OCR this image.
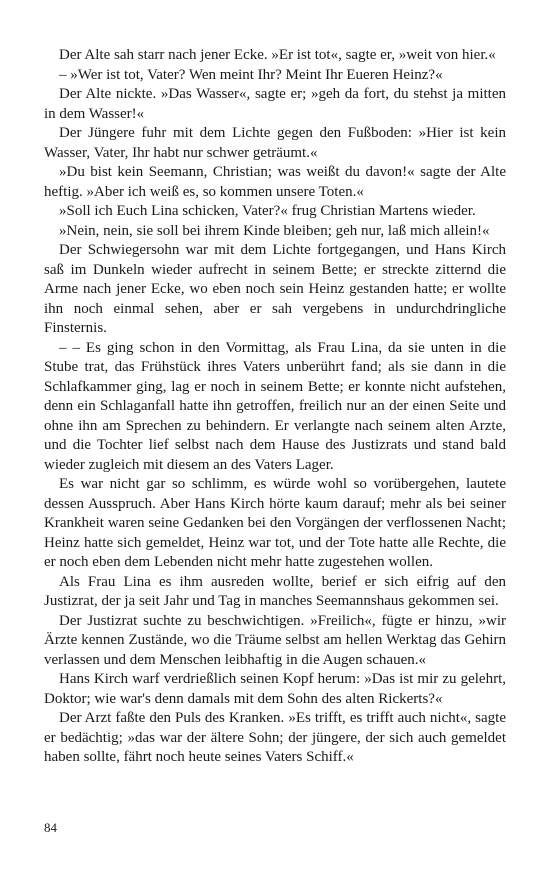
Der Alte sah starr nach jener Ecke. »Er ist tot«, sagte er, »weit von hier.«

– »Wer ist tot, Vater? Wen meint Ihr? Meint Ihr Eueren Heinz?«

Der Alte nickte. »Das Wasser«, sagte er; »geh da fort, du stehst ja mitten in dem Wasser!«

Der Jüngere fuhr mit dem Lichte gegen den Fußboden: »Hier ist kein Wasser, Vater, Ihr habt nur schwer geträumt.«

»Du bist kein Seemann, Christian; was weißt du davon!« sagte der Alte heftig. »Aber ich weiß es, so kommen unsere Toten.«

»Soll ich Euch Lina schicken, Vater?« frug Christian Martens wieder.

»Nein, nein, sie soll bei ihrem Kinde bleiben; geh nur, laß mich allein!«

Der Schwiegersohn war mit dem Lichte fortgegangen, und Hans Kirch saß im Dunkeln wieder aufrecht in seinem Bette; er streckte zitternd die Arme nach jener Ecke, wo eben noch sein Heinz gestanden hatte; er wollte ihn noch einmal sehen, aber er sah vergebens in undurchdringliche Finsternis.

– – Es ging schon in den Vormittag, als Frau Lina, da sie unten in die Stube trat, das Frühstück ihres Vaters unberührt fand; als sie dann in die Schlafkammer ging, lag er noch in seinem Bette; er konnte nicht aufstehen, denn ein Schlaganfall hatte ihn getroffen, freilich nur an der einen Seite und ohne ihn am Sprechen zu behindern. Er verlangte nach seinem alten Arzte, und die Tochter lief selbst nach dem Hause des Justizrats und stand bald wieder zugleich mit diesem an des Vaters Lager.

Es war nicht gar so schlimm, es würde wohl so vorübergehen, lautete dessen Ausspruch. Aber Hans Kirch hörte kaum darauf; mehr als bei seiner Krankheit waren seine Gedanken bei den Vorgängen der verflossenen Nacht; Heinz hatte sich gemeldet, Heinz war tot, und der Tote hatte alle Rechte, die er noch eben dem Lebenden nicht mehr hatte zugestehen wollen.

Als Frau Lina es ihm ausreden wollte, berief er sich eifrig auf den Justizrat, der ja seit Jahr und Tag in manches Seemannshaus gekommen sei.

Der Justizrat suchte zu beschwichtigen. »Freilich«, fügte er hinzu, »wir Ärzte kennen Zustände, wo die Träume selbst am hellen Werktag das Gehirn verlassen und dem Menschen leibhaftig in die Augen schauen.«

Hans Kirch warf verdrießlich seinen Kopf herum: »Das ist mir zu gelehrt, Doktor; wie war's denn damals mit dem Sohn des alten Rickerts?«

Der Arzt faßte den Puls des Kranken. »Es trifft, es trifft auch nicht«, sagte er bedächtig; »das war der ältere Sohn; der jüngere, der sich auch gemeldet haben sollte, fährt noch heute seines Vaters Schiff.«

84
